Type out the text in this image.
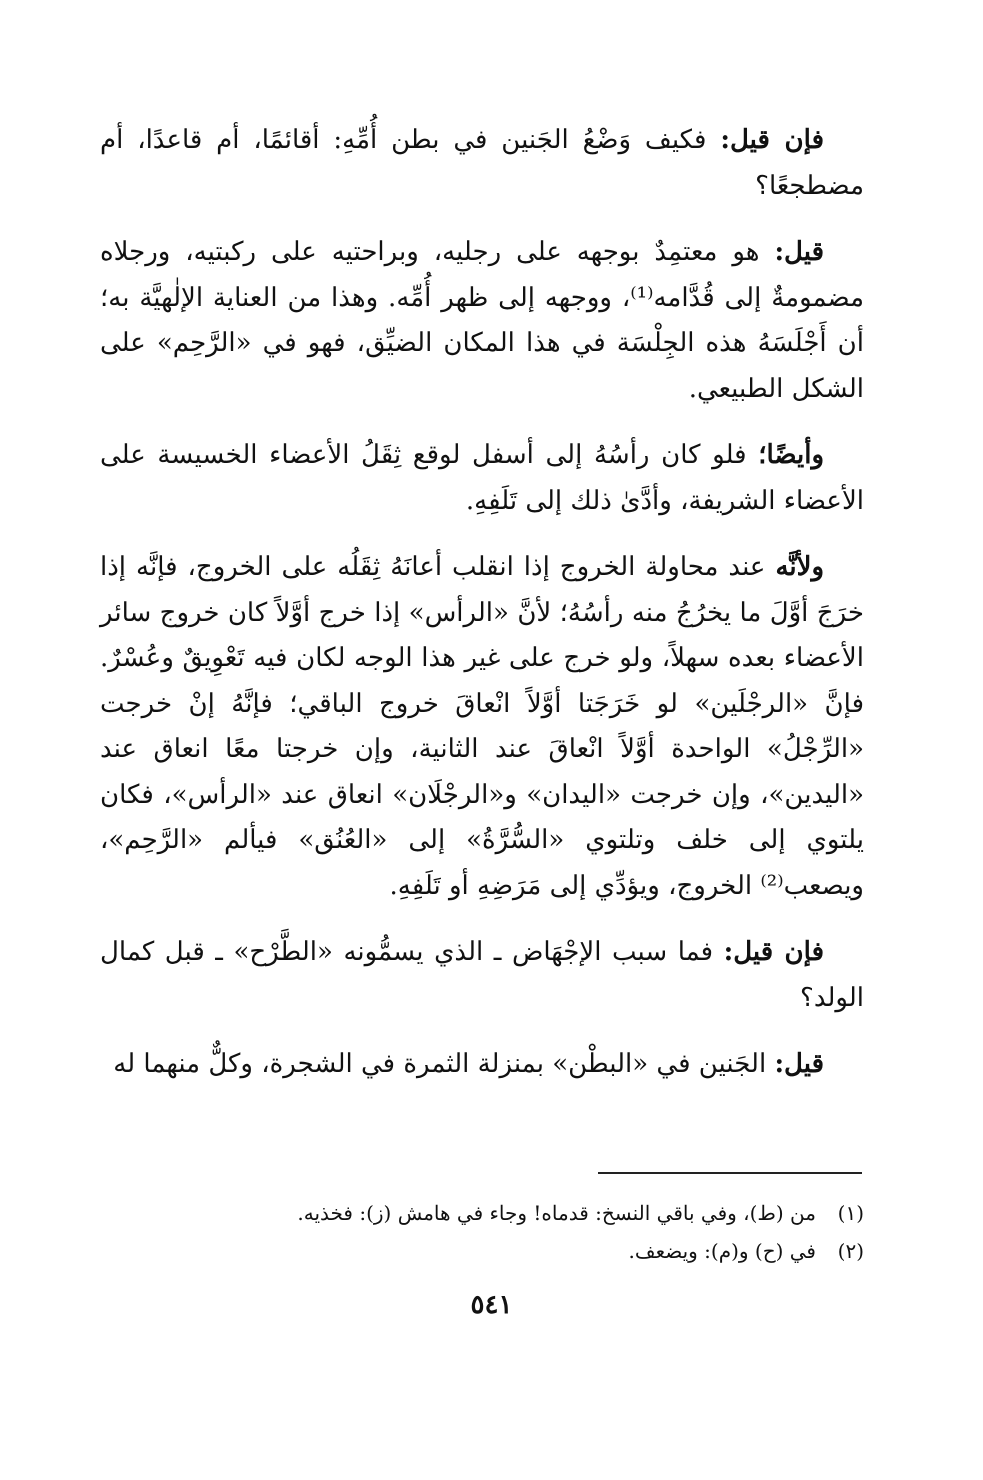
فإن قيل: فكيف وَضْعُ الجَنين في بطن أُمِّهِ: أقائمًا، أم قاعدًا، أم مضطجعًا؟

قيل: هو معتمِدٌ بوجهه على رجليه، وبراحتيه على ركبتيه، ورجلاه مضمومةٌ إلى قُدَّامه⁽¹⁾، ووجهه إلى ظهر أُمِّه. وهذا من العناية الإلٰهيَّة به؛ أن أَجْلَسَهُ هذه الجِلْسَة في هذا المكان الضيِّق، فهو في «الرَّحِم» على الشكل الطبيعي.

وأيضًا؛ فلو كان رأسُهُ إلى أسفل لوقع ثِقَلُ الأعضاء الخسيسة على الأعضاء الشريفة، وأدَّىٰ ذلك إلى تَلَفِهِ.

ولأنَّه عند محاولة الخروج إذا انقلب أعانَهُ ثِقَلُه على الخروج، فإنَّه إذا خرَجَ أوَّلَ ما يخرُجُ منه رأسُهُ؛ لأنَّ «الرأس» إذا خرج أوَّلاً كان خروج سائر الأعضاء بعده سهلاً، ولو خرج على غير هذا الوجه لكان فيه تَعْوِيقٌ وعُسْرٌ. فإنَّ «الرجْلَين» لو خَرَجَتا أوَّلاً انْعاقَ خروج الباقي؛ فإنَّهُ إنْ خرجت «الرِّجْلُ» الواحدة أوَّلاً انْعاقَ عند الثانية، وإن خرجتا معًا انعاق عند «اليدين»، وإن خرجت «اليدان» و«الرجْلَان» انعاق عند «الرأس»، فكان يلتوي إلى خلف وتلتوي «السُّرَّةُ» إلى «العُنُق» فيألم «الرَّحِم»، ويصعب⁽²⁾ الخروج، ويؤدِّي إلى مَرَضِهِ أو تَلَفِهِ.

فإن قيل: فما سبب الإجْهَاض ـ الذي يسمُّونه «الطَّرْح» ـ قبل كمال الولد؟

قيل: الجَنين في «البطْن» بمنزلة الثمرة في الشجرة، وكلٌّ منهما له

(١)
من (ط)، وفي باقي النسخ: قدماه! وجاء في هامش (ز): فخذيه.
(٢)
في (ح) و(م): ويضعف.
٥٤١
